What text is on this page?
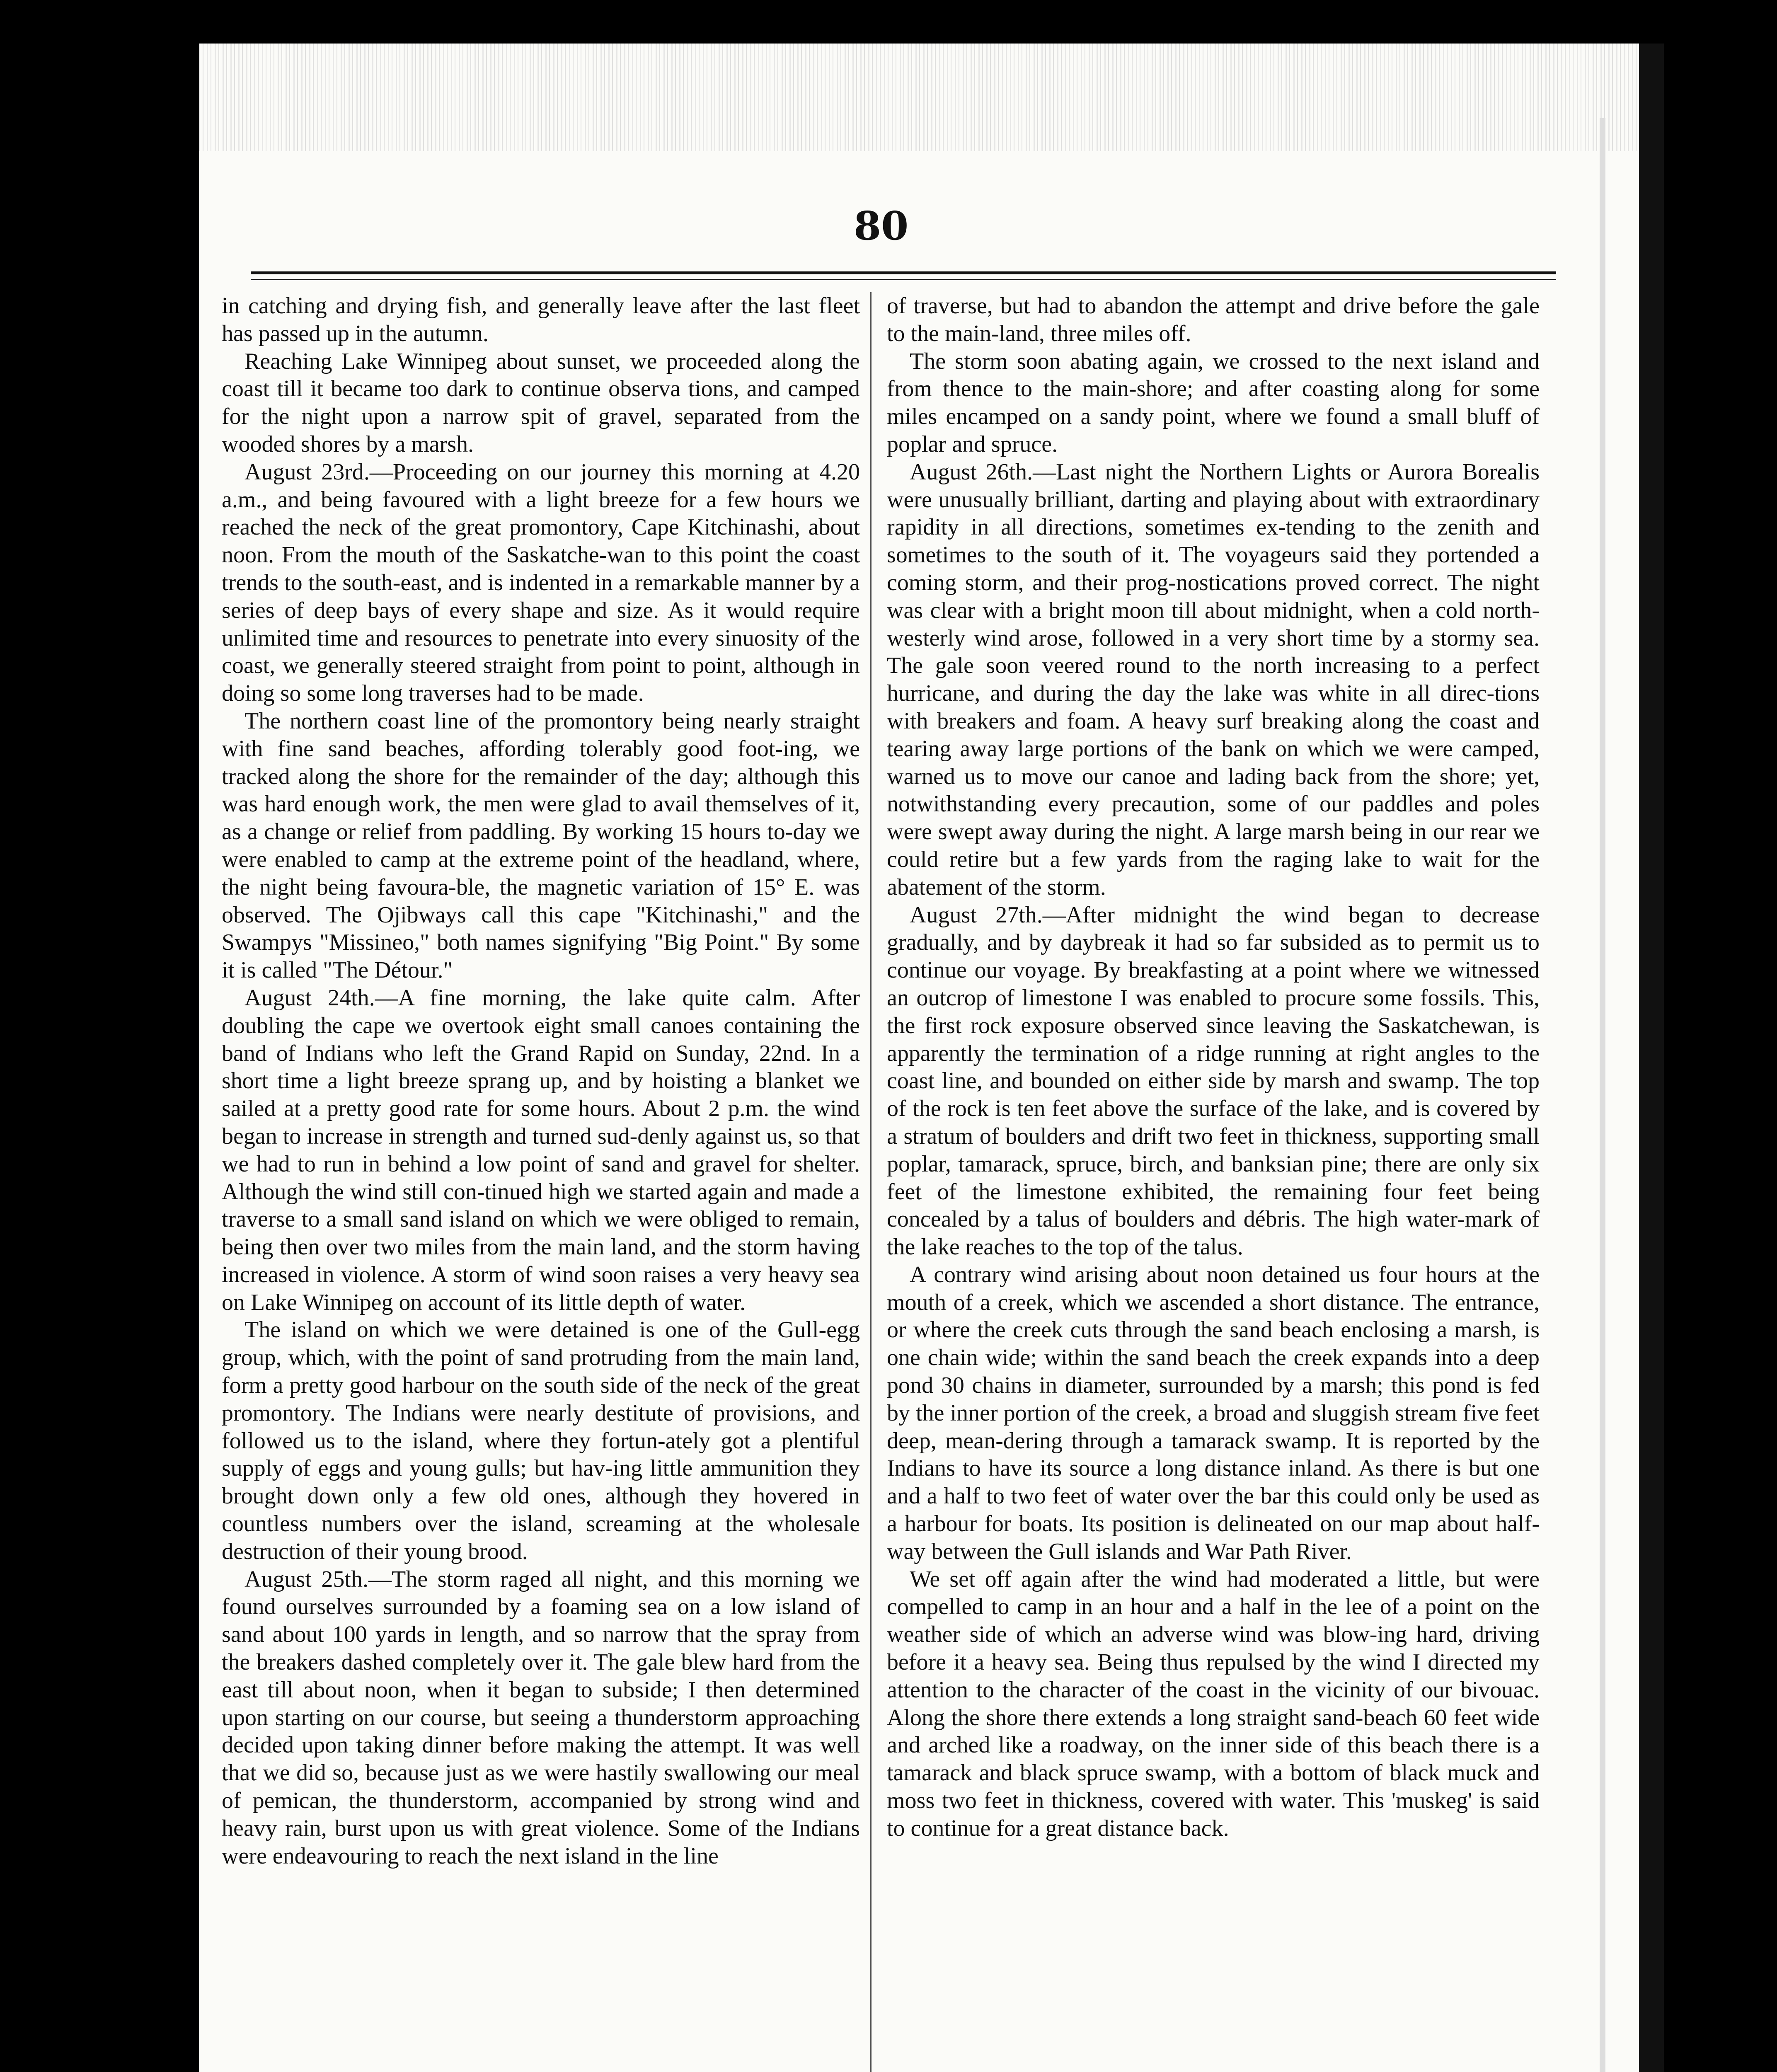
80

in catching and drying fish, and generally leave after the last fleet has passed up in the autumn.

Reaching Lake Winnipeg about sunset, we proceeded along the coast till it became too dark to continue observa tions, and camped for the night upon a narrow spit of gravel, separated from the wooded shores by a marsh.

August 23rd.—Proceeding on our journey this morning at 4.20 a.m., and being favoured with a light breeze for a few hours we reached the neck of the great promontory, Cape Kitchinashi, about noon. From the mouth of the Saskatche-wan to this point the coast trends to the south-east, and is indented in a remarkable manner by a series of deep bays of every shape and size. As it would require unlimited time and resources to penetrate into every sinuosity of the coast, we generally steered straight from point to point, although in doing so some long traverses had to be made.

The northern coast line of the promontory being nearly straight with fine sand beaches, affording tolerably good foot-ing, we tracked along the shore for the remainder of the day; although this was hard enough work, the men were glad to avail themselves of it, as a change or relief from paddling. By working 15 hours to-day we were enabled to camp at the extreme point of the headland, where, the night being favoura-ble, the magnetic variation of 15° E. was observed. The Ojibways call this cape "Kitchinashi," and the Swampys "Missineo," both names signifying "Big Point." By some it is called "The Détour."

August 24th.—A fine morning, the lake quite calm. After doubling the cape we overtook eight small canoes containing the band of Indians who left the Grand Rapid on Sunday, 22nd. In a short time a light breeze sprang up, and by hoisting a blanket we sailed at a pretty good rate for some hours. About 2 p.m. the wind began to increase in strength and turned sud-denly against us, so that we had to run in behind a low point of sand and gravel for shelter. Although the wind still con-tinued high we started again and made a traverse to a small sand island on which we were obliged to remain, being then over two miles from the main land, and the storm having increased in violence. A storm of wind soon raises a very heavy sea on Lake Winnipeg on account of its little depth of water.

The island on which we were detained is one of the Gull-egg group, which, with the point of sand protruding from the main land, form a pretty good harbour on the south side of the neck of the great promontory. The Indians were nearly destitute of provisions, and followed us to the island, where they fortun-ately got a plentiful supply of eggs and young gulls; but hav-ing little ammunition they brought down only a few old ones, although they hovered in countless numbers over the island, screaming at the wholesale destruction of their young brood.

August 25th.—The storm raged all night, and this morning we found ourselves surrounded by a foaming sea on a low island of sand about 100 yards in length, and so narrow that the spray from the breakers dashed completely over it. The gale blew hard from the east till about noon, when it began to subside; I then determined upon starting on our course, but seeing a thunderstorm approaching decided upon taking dinner before making the attempt. It was well that we did so, because just as we were hastily swallowing our meal of pemican, the thunderstorm, accompanied by strong wind and heavy rain, burst upon us with great violence. Some of the Indians were endeavouring to reach the next island in the line

of traverse, but had to abandon the attempt and drive before the gale to the main-land, three miles off.

The storm soon abating again, we crossed to the next island and from thence to the main-shore; and after coasting along for some miles encamped on a sandy point, where we found a small bluff of poplar and spruce.

August 26th.—Last night the Northern Lights or Aurora Borealis were unusually brilliant, darting and playing about with extraordinary rapidity in all directions, sometimes ex-tending to the zenith and sometimes to the south of it. The voyageurs said they portended a coming storm, and their prog-nostications proved correct. The night was clear with a bright moon till about midnight, when a cold north-westerly wind arose, followed in a very short time by a stormy sea. The gale soon veered round to the north increasing to a perfect hurricane, and during the day the lake was white in all direc-tions with breakers and foam. A heavy surf breaking along the coast and tearing away large portions of the bank on which we were camped, warned us to move our canoe and lading back from the shore; yet, notwithstanding every precaution, some of our paddles and poles were swept away during the night. A large marsh being in our rear we could retire but a few yards from the raging lake to wait for the abatement of the storm.

August 27th.—After midnight the wind began to decrease gradually, and by daybreak it had so far subsided as to permit us to continue our voyage. By breakfasting at a point where we witnessed an outcrop of limestone I was enabled to procure some fossils. This, the first rock exposure observed since leaving the Saskatchewan, is apparently the termination of a ridge running at right angles to the coast line, and bounded on either side by marsh and swamp. The top of the rock is ten feet above the surface of the lake, and is covered by a stratum of boulders and drift two feet in thickness, supporting small poplar, tamarack, spruce, birch, and banksian pine; there are only six feet of the limestone exhibited, the remaining four feet being concealed by a talus of boulders and débris. The high water-mark of the lake reaches to the top of the talus.

A contrary wind arising about noon detained us four hours at the mouth of a creek, which we ascended a short distance. The entrance, or where the creek cuts through the sand beach enclosing a marsh, is one chain wide; within the sand beach the creek expands into a deep pond 30 chains in diameter, surrounded by a marsh; this pond is fed by the inner portion of the creek, a broad and sluggish stream five feet deep, mean-dering through a tamarack swamp. It is reported by the Indians to have its source a long distance inland. As there is but one and a half to two feet of water over the bar this could only be used as a harbour for boats. Its position is delineated on our map about half-way between the Gull islands and War Path River.

We set off again after the wind had moderated a little, but were compelled to camp in an hour and a half in the lee of a point on the weather side of which an adverse wind was blow-ing hard, driving before it a heavy sea. Being thus repulsed by the wind I directed my attention to the character of the coast in the vicinity of our bivouac. Along the shore there extends a long straight sand-beach 60 feet wide and arched like a roadway, on the inner side of this beach there is a tamarack and black spruce swamp, with a bottom of black muck and moss two feet in thickness, covered with water. This 'muskeg' is said to continue for a great distance back.
